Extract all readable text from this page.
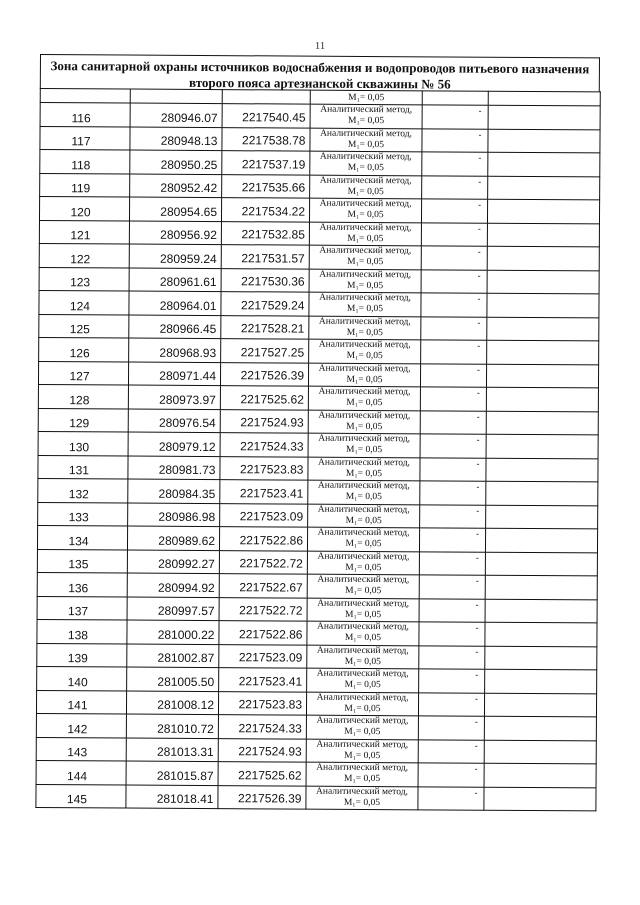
11
Зона санитарной охраны источников водоснабжения и водопроводов питьевого назначения второго пояса артезианской скважины № 56

			M₁= 0,05		

116	280946.07	2217540.45	Аналитический метод,
M₁= 0,05	-	

117	280948.13	2217538.78	Аналитический метод,
M₁= 0,05	-	

118	280950.25	2217537.19	Аналитический метод,
M₁= 0,05	-	

119	280952.42	2217535.66	Аналитический метод,
M₁= 0,05	-	

120	280954.65	2217534.22	Аналитический метод,
M₁= 0,05	-	

121	280956.92	2217532.85	Аналитический метод,
M₁= 0,05	-	

122	280959.24	2217531.57	Аналитический метод,
M₁= 0,05	-	

123	280961.61	2217530.36	Аналитический метод,
M₁= 0,05	-	

124	280964.01	2217529.24	Аналитический метод,
M₁= 0,05	-	

125	280966.45	2217528.21	Аналитический метод,
M₁= 0,05	-	

126	280968.93	2217527.25	Аналитический метод,
M₁= 0,05	-	

127	280971.44	2217526.39	Аналитический метод,
M₁= 0,05	-	

128	280973.97	2217525.62	Аналитический метод,
M₁= 0,05	-	

129	280976.54	2217524.93	Аналитический метод,
M₁= 0,05	-	

130	280979.12	2217524.33	Аналитический метод,
M₁= 0,05	-	

131	280981.73	2217523.83	Аналитический метод,
M₁= 0,05	-	

132	280984.35	2217523.41	Аналитический метод,
M₁= 0,05	-	

133	280986.98	2217523.09	Аналитический метод,
M₁= 0,05	-	

134	280989.62	2217522.86	Аналитический метод,
M₁= 0,05	-	

135	280992.27	2217522.72	Аналитический метод,
M₁= 0,05	-	

136	280994.92	2217522.67	Аналитический метод,
M₁= 0,05	-	

137	280997.57	2217522.72	Аналитический метод,
M₁= 0,05	-	

138	281000.22	2217522.86	Аналитический метод,
M₁= 0,05	-	

139	281002.87	2217523.09	Аналитический метод,
M₁= 0,05	-	

140	281005.50	2217523.41	Аналитический метод,
M₁= 0,05	-	

141	281008.12	2217523.83	Аналитический метод,
M₁= 0,05	-	

142	281010.72	2217524.33	Аналитический метод,
M₁= 0,05	-	

143	281013.31	2217524.93	Аналитический метод,
M₁= 0,05	-	

144	281015.87	2217525.62	Аналитический метод,
M₁= 0,05	-	

145	281018.41	2217526.39	Аналитический метод,
M₁= 0,05	-	
